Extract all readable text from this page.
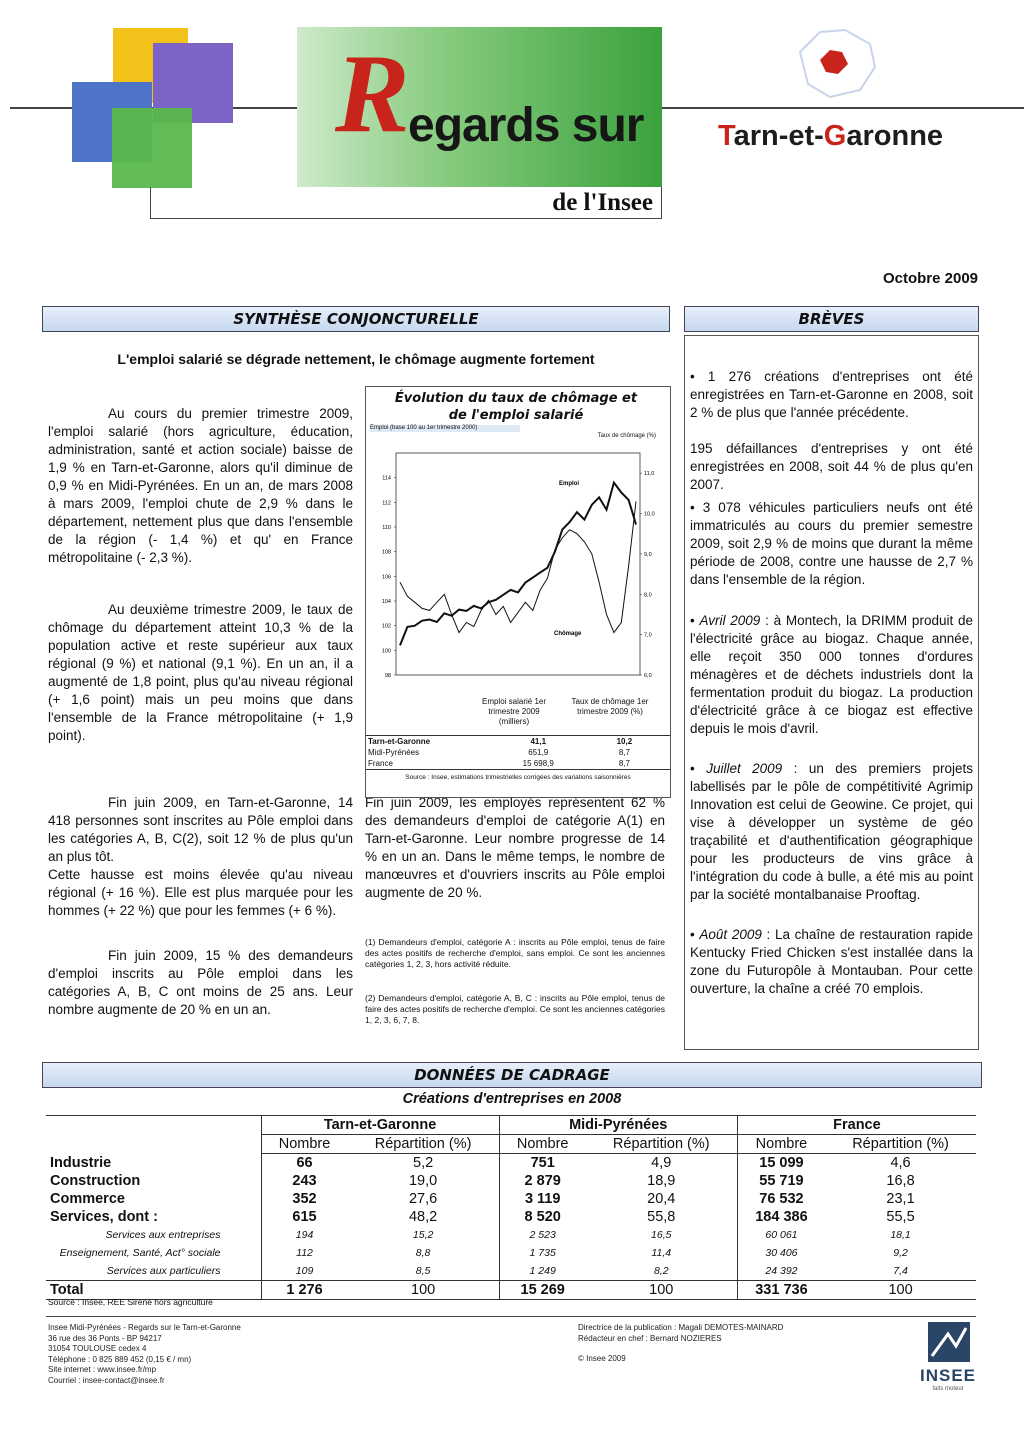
R
egards sur
de l'Insee
Tarn-et-Garonne
Octobre 2009
SYNTHÈSE CONJONCTURELLE
L'emploi salarié se dégrade nettement, le chômage augmente fortement
Au cours du premier trimestre 2009, l'emploi salarié (hors agriculture, éducation, administration, santé et action sociale) baisse de 1,9 % en Tarn-et-Garonne, alors qu'il diminue de 0,9 % en Midi-Pyrénées. En un an, de mars 2008 à mars 2009, l'emploi chute de 2,9 % dans le département, nettement plus que dans l'ensemble de la région (- 1,4 %) et qu' en France métropolitaine (- 2,3 %).
Au deuxième trimestre 2009, le taux de chômage du département atteint 10,3 % de la population active et reste supérieur aux taux régional (9 %) et national (9,1 %). En un an, il a augmenté de 1,8 point, plus qu'au niveau régional (+ 1,6 point) mais un peu moins que dans l'ensemble de la France métropolitaine (+ 1,9 point).
Fin juin 2009, en Tarn-et-Garonne, 14 418 personnes sont inscrites au Pôle emploi dans les catégories A, B, C(2), soit 12 % de plus qu'un an plus tôt.
Cette hausse est moins élevée qu'au niveau régional (+ 16 %). Elle est plus marquée pour les hommes (+ 22 %) que pour les femmes (+ 6 %).
Fin juin 2009, 15 % des demandeurs d'emploi inscrits au Pôle emploi dans les catégories A, B, C ont moins de 25 ans. Leur nombre augmente de 20 % en un an.
Fin juin 2009, les employés représentent 62 % des demandeurs d'emploi de catégorie A(1) en Tarn-et-Garonne. Leur nombre progresse de 14 % en un an. Dans le même temps, le nombre de manœuvres et d'ouvriers inscrits au Pôle emploi augmente de 20 %.
(1) Demandeurs d'emploi, catégorie A : inscrits au Pôle emploi, tenus de faire des actes positifs de recherche d'emploi, sans emploi. Ce sont les anciennes catégories 1, 2, 3, hors activité réduite.
(2) Demandeurs d'emploi, catégorie A, B, C : inscrits au Pôle emploi, tenus de faire des actes positifs de recherche d'emploi. Ce sont les anciennes catégories 1, 2, 3, 6, 7, 8.
Évolution du taux de chômage et de l'emploi salarié
Emploi (base 100 au 1er trimestre 2000)
Taux de chômage (%)
98
100
102
104
106
108
110
112
114
6,0
7,0
8,0
9,0
10,0
11,0
Emploi
Chômage
Emploi salarié 1er trimestre 2009 (milliers)
Taux de chômage 1er trimestre 2009 (%)
Tarn-et-Garonne	41,1	10,2
Midi-Pyrénées	651,9	8,7
France	15 698,9	8,7
Source : Insee, estimations trimestrielles corrigées des variations saisonnières
BRÈVES
• 1 276 créations d'entreprises ont été enregistrées en Tarn-et-Garonne en 2008, soit 2 % de plus que l'année précédente.
195 défaillances d'entreprises y ont été enregistrées en 2008, soit 44 % de plus qu'en 2007.
• 3 078 véhicules particuliers neufs ont été immatriculés au cours du premier semestre 2009, soit 2,9 % de moins que durant la même période de 2008, contre une hausse de 2,7 % dans l'ensemble de la région.
• Avril 2009 : à Montech, la DRIMM produit de l'électricité grâce au biogaz. Chaque année, elle reçoit 350 000 tonnes d'ordures ménagères et de déchets industriels dont la fermentation produit du biogaz. La production d'électricité grâce à ce biogaz est effective depuis le mois d'avril.
• Juillet 2009 : un des premiers projets labellisés par le pôle de compétitivité Agrimip Innovation est celui de Geowine. Ce projet, qui vise à développer un système de géo traçabilité et d'authentification géographique pour les producteurs de vins grâce à l'intégration du code à bulle, a été mis au point par la société montalbanaise Prooftag.
• Août 2009 : La chaîne de restauration rapide Kentucky Fried Chicken s'est installée dans la zone du Futuropôle à Montauban. Pour cette ouverture, la chaîne a créé 70 emplois.
DONNÉES DE CADRAGE
Créations d'entreprises en 2008
	Tarn-et-Garonne		Midi-Pyrénées		France	
	Nombre	Répartition (%)	Nombre	Répartition (%)	Nombre	Répartition (%)
Industrie	66	5,2	751	4,9	15 099	4,6
Construction	243	19,0	2 879	18,9	55 719	16,8
Commerce	352	27,6	3 119	20,4	76 532	23,1
Services, dont :	615	48,2	8 520	55,8	184 386	55,5
Services aux entreprises	194	15,2	2 523	16,5	60 061	18,1
Enseignement, Santé, Act° sociale	112	8,8	1 735	11,4	30 406	9,2
Services aux particuliers	109	8,5	1 249	8,2	24 392	7,4
Total	1 276	100	15 269	100	331 736	100
Source : Insee, REE Sirene hors agriculture
Insee Midi-Pyrénées - Regards sur le Tarn-et-Garonne
36 rue des 36 Ponts - BP 94217
31054 TOULOUSE cedex 4
Téléphone : 0 825 889 452 (0,15 € / mn)
Site internet : www.insee.fr/mp
Courriel : insee-contact@insee.fr
Directrice de la publication : Magali DEMOTES-MAINARD
Rédacteur en chef : Bernard NOZIERES
© Insee 2009
INSEE
faits moteur
